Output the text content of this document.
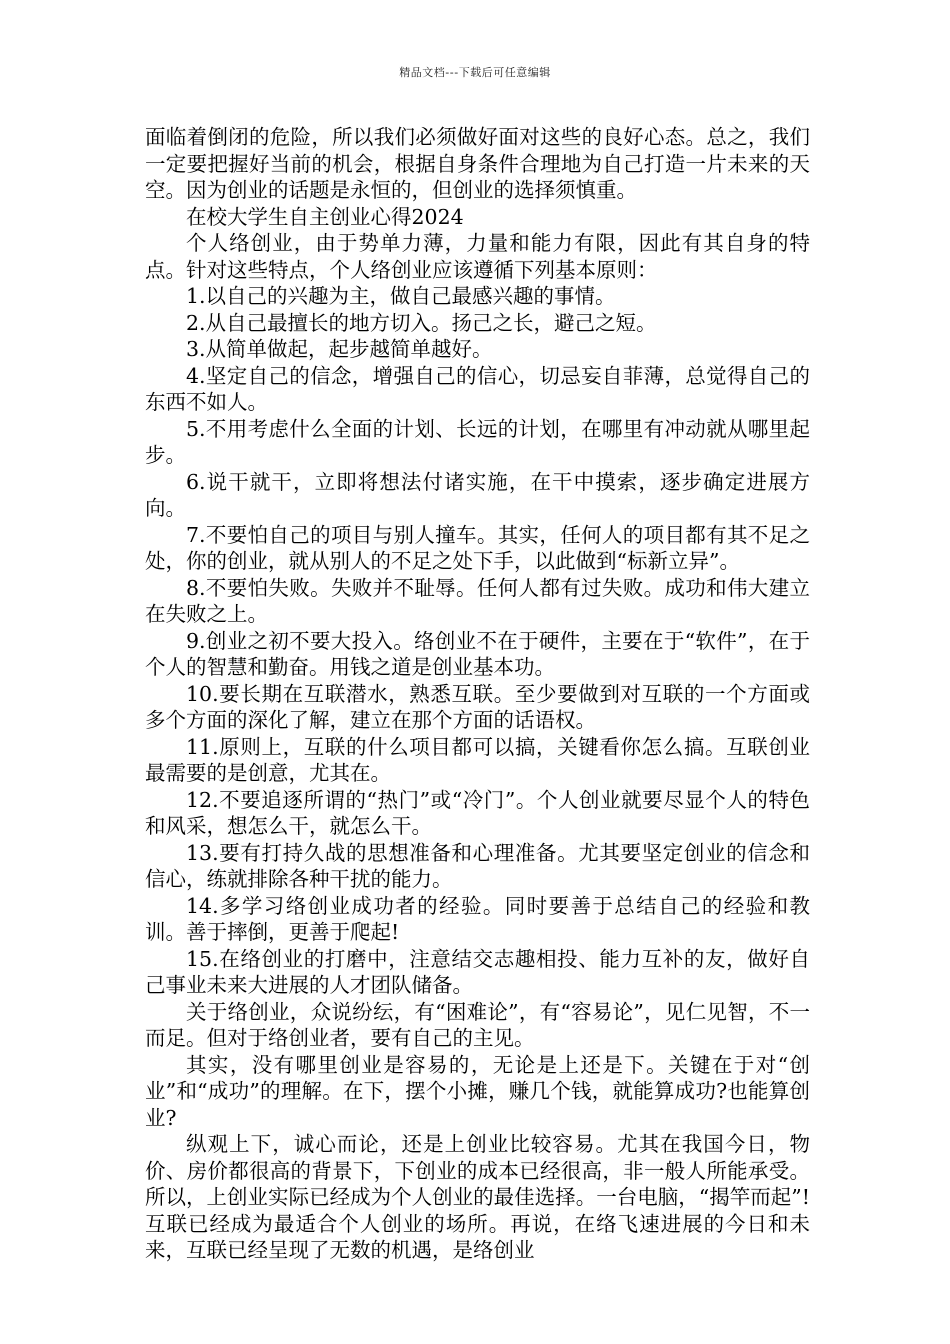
精品文档---下载后可任意编辑

面临着倒闭的危险，所以我们必须做好面对这些的良好心态。总之，我们一定要把握好当前的机会，根据自身条件合理地为自己打造一片未来的天空。因为创业的话题是永恒的，但创业的选择须慎重。

在校大学生自主创业心得2024

个人络创业，由于势单力薄，力量和能力有限，因此有其自身的特点。针对这些特点，个人络创业应该遵循下列基本原则：

1.以自己的兴趣为主，做自己最感兴趣的事情。

2.从自己最擅长的地方切入。扬己之长，避己之短。

3.从简单做起，起步越简单越好。

4.坚定自己的信念，增强自己的信心，切忌妄自菲薄，总觉得自己的东西不如人。

5.不用考虑什么全面的计划、长远的计划，在哪里有冲动就从哪里起步。

6.说干就干，立即将想法付诸实施，在干中摸索，逐步确定进展方向。

7.不要怕自己的项目与别人撞车。其实，任何人的项目都有其不足之处，你的创业，就从别人的不足之处下手，以此做到“标新立异”。

8.不要怕失败。失败并不耻辱。任何人都有过失败。成功和伟大建立在失败之上。

9.创业之初不要大投入。络创业不在于硬件，主要在于“软件”，在于个人的智慧和勤奋。用钱之道是创业基本功。

10.要长期在互联潜水，熟悉互联。至少要做到对互联的一个方面或多个方面的深化了解，建立在那个方面的话语权。

11.原则上，互联的什么项目都可以搞，关键看你怎么搞。互联创业最需要的是创意，尤其在。

12.不要追逐所谓的“热门”或“冷门”。个人创业就要尽显个人的特色和风采，想怎么干，就怎么干。

13.要有打持久战的思想准备和心理准备。尤其要坚定创业的信念和信心，练就排除各种干扰的能力。

14.多学习络创业成功者的经验。同时要善于总结自己的经验和教训。善于摔倒，更善于爬起!

15.在络创业的打磨中，注意结交志趣相投、能力互补的友，做好自己事业未来大进展的人才团队储备。

关于络创业，众说纷纭，有“困难论”，有“容易论”，见仁见智，不一而足。但对于络创业者，要有自己的主见。

其实，没有哪里创业是容易的，无论是上还是下。关键在于对“创业”和“成功”的理解。在下，摆个小摊，赚几个钱，就能算成功?也能算创业?

纵观上下，诚心而论，还是上创业比较容易。尤其在我国今日，物价、房价都很高的背景下，下创业的成本已经很高，非一般人所能承受。所以，上创业实际已经成为个人创业的最佳选择。一台电脑，“揭竿而起”!互联已经成为最适合个人创业的场所。再说，在络飞速进展的今日和未来，互联已经呈现了无数的机遇，是络创业
